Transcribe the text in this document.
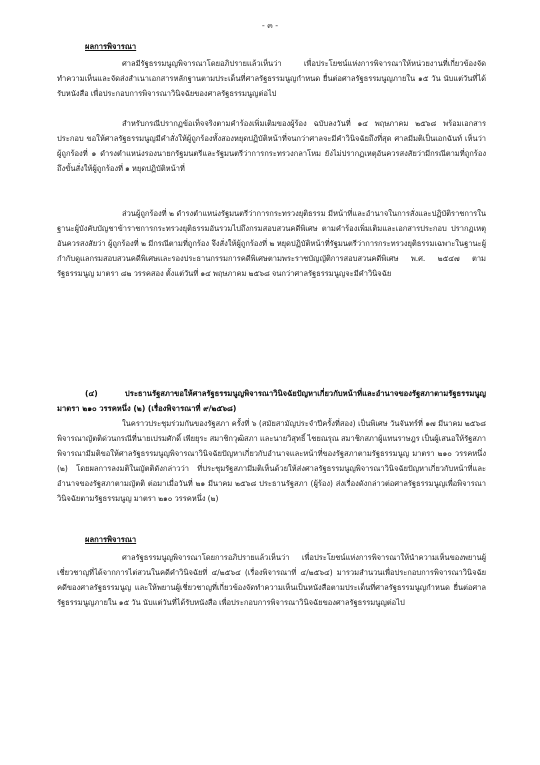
- ๓ -
ผลการพิจารณา

ศาลมีรัฐธรรมนูญพิจารณาโดยอภิปรายแล้วเห็นว่า เพื่อประโยชน์แห่งการพิจารณาให้หน่วยงานที่เกี่ยวข้องจัดทำความเห็นและจัดส่งสำเนาเอกสารหลักฐานตามประเด็นที่ศาลรัฐธรรมนูญกำหนด ยื่นต่อศาลรัฐธรรมนูญภายใน ๑๕ วัน นับแต่วันที่ได้รับหนังสือ เพื่อประกอบการพิจารณาวินิจฉัยของศาลรัฐธรรมนูญต่อไป

สำหรับกรณีปรากฏข้อเท็จจริงตามคำร้องเพิ่มเติมของผู้ร้อง ฉบับลงวันที่ ๑๔ พฤษภาคม ๒๕๖๘ พร้อมเอกสารประกอบ ขอให้ศาลรัฐธรรมนูญมีคำสั่งให้ผู้ถูกร้องทั้งสองหยุดปฏิบัติหน้าที่จนกว่าศาลจะมีคำวินิจฉัยถึงที่สุด ศาลมีมติเป็นเอกฉันท์ เห็นว่า ผู้ถูกร้องที่ ๑ ดำรงตำแหน่งรองนายกรัฐมนตรีและรัฐมนตรีว่าการกระทรวงกลาโหม ยังไม่ปรากฏเหตุอันควรสงสัยว่ามีกรณีตามที่ถูกร้องถึงขั้นสั่งให้ผู้ถูกร้องที่ ๑ หยุดปฏิบัติหน้าที่

ส่วนผู้ถูกร้องที่ ๒ ดำรงตำแหน่งรัฐมนตรีว่าการกระทรวงยุติธรรม มีหน้าที่และอำนาจในการสั่งและปฏิบัติราชการในฐานะผู้บังคับบัญชาข้าราชการกระทรวงยุติธรรมอันรวมไปถึงกรมสอบสวนคดีพิเศษ ตามคำร้องเพิ่มเติมและเอกสารประกอบ ปรากฏเหตุอันควรสงสัยว่า ผู้ถูกร้องที่ ๒ มีกรณีตามที่ถูกร้อง จึงสั่งให้ผู้ถูกร้องที่ ๒ หยุดปฏิบัติหน้าที่รัฐมนตรีว่าการกระทรวงยุติธรรมเฉพาะในฐานะผู้กำกับดูแลกรมสอบสวนคดีพิเศษและรองประธานกรรมการคดีพิเศษตามพระราชบัญญัติการสอบสวนคดีพิเศษ พ.ศ. ๒๕๔๗ ตามรัฐธรรมนูญ มาตรา ๘๒ วรรคสอง ตั้งแต่วันที่ ๑๔ พฤษภาคม ๒๕๖๘ จนกว่าศาลรัฐธรรมนูญจะมีคำวินิจฉัย

(๔) ประธานรัฐสภาขอให้ศาลรัฐธรรมนูญพิจารณาวินิจฉัยปัญหาเกี่ยวกับหน้าที่และอำนาจของรัฐสภาตามรัฐธรรมนูญ มาตรา ๒๑๐ วรรคหนึ่ง (๒) (เรื่องพิจารณาที่ ๙/๒๕๖๘)

ในคราวประชุมร่วมกันของรัฐสภา ครั้งที่ ๖ (สมัยสามัญประจำปีครั้งที่สอง) เป็นพิเศษ วันจันทร์ที่ ๑๗ มีนาคม ๒๕๖๘ พิจารณาญัตติด่วนกรณีที่นายเปรมศักดิ์ เพียยุระ สมาชิกวุฒิสภา และนายวิสุทธิ์ ไชยณรุณ สมาชิกสภาผู้แทนราษฎร เป็นผู้เสนอให้รัฐสภาพิจารณามีมติขอให้ศาลรัฐธรรมนูญพิจารณาวินิจฉัยปัญหาเกี่ยวกับอำนาจและหน้าที่ของรัฐสภาตามรัฐธรรมนูญ มาตรา ๒๑๐ วรรคหนึ่ง (๒) โดยผลการลงมติในญัตติดังกล่าวว่า ที่ประชุมรัฐสภามีมติเห็นด้วยให้ส่งศาลรัฐธรรมนูญพิจารณาวินิจฉัยปัญหาเกี่ยวกับหน้าที่และอำนาจของรัฐสภาตามญัตติ ต่อมาเมื่อวันที่ ๒๑ มีนาคม ๒๕๖๘ ประธานรัฐสภา (ผู้ร้อง) ส่งเรื่องดังกล่าวต่อศาลรัฐธรรมนูญเพื่อพิจารณาวินิจฉัยตามรัฐธรรมนูญ มาตรา ๒๑๐ วรรคหนึ่ง (๒)

ผลการพิจารณา

ศาลรัฐธรรมนูญพิจารณาโดยการอภิปรายแล้วเห็นว่า เพื่อประโยชน์แห่งการพิจารณาให้นำความเห็นของพยานผู้เชี่ยวชาญที่ได้จากการไต่สวนในคดีคำวินิจฉัยที่ ๔/๒๕๖๔ (เรื่องพิจารณาที่ ๔/๒๕๖๔) มารวมสำนวนเพื่อประกอบการพิจารณาวินิจฉัยคดีของศาลรัฐธรรมนูญ และให้พยานผู้เชี่ยวชาญที่เกี่ยวข้องจัดทำความเห็นเป็นหนังสือตามประเด็นที่ศาลรัฐธรรมนูญกำหนด ยื่นต่อศาลรัฐธรรมนูญภายใน ๑๕ วัน นับแต่วันที่ได้รับหนังสือ เพื่อประกอบการพิจารณาวินิจฉัยของศาลรัฐธรรมนูญต่อไป
